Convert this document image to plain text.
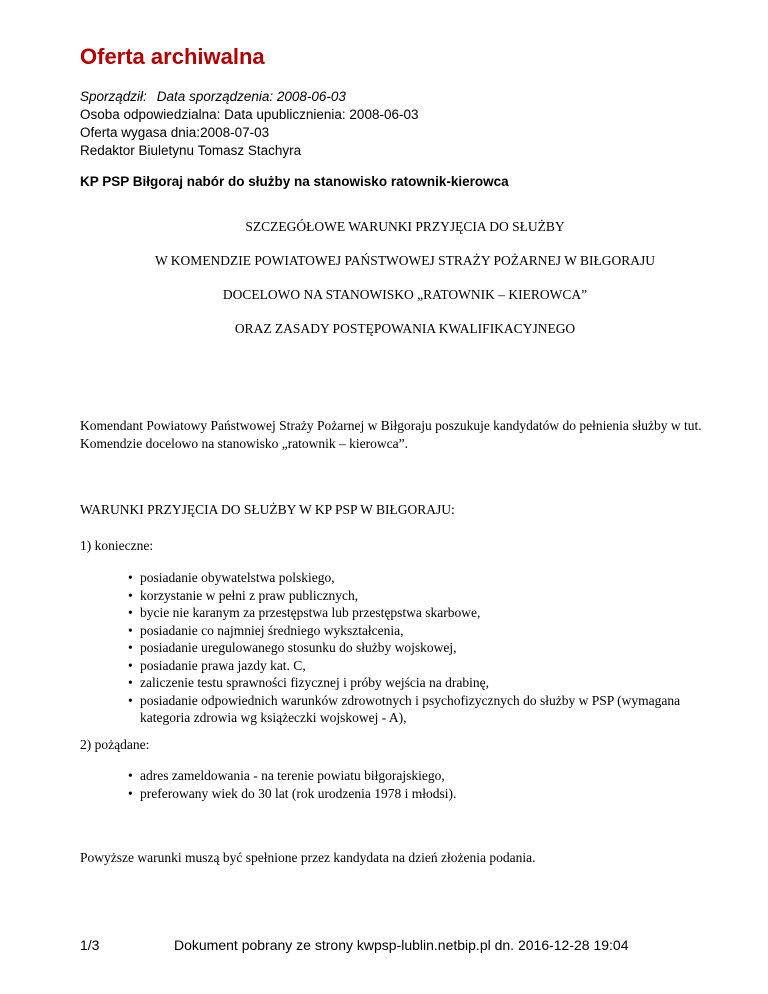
Oferta archiwalna
Sporządził: Data sporządzenia: 2008-06-03
Osoba odpowiedzialna: Data upublicznienia: 2008-06-03
Oferta wygasa dnia:2008-07-03
Redaktor Biuletynu Tomasz Stachyra
KP PSP Biłgoraj nabór do służby na stanowisko ratownik-kierowca
SZCZEGÓŁOWE WARUNKI PRZYJĘCIA DO SŁUŻBY
W KOMENDZIE POWIATOWEJ PAŃSTWOWEJ STRAŻY POŻARNEJ W BIŁGORAJU
DOCELOWO NA STANOWISKO „RATOWNIK – KIEROWCA”
ORAZ ZASADY POSTĘPOWANIA KWALIFIKACYJNEGO
Komendant Powiatowy Państwowej Straży Pożarnej w Biłgoraju poszukuje kandydatów do pełnienia służby w tut. Komendzie docelowo na stanowisko „ratownik – kierowca”.
WARUNKI PRZYJĘCIA DO SŁUŻBY W KP PSP W BIŁGORAJU:
1) konieczne:
• posiadanie obywatelstwa polskiego,
• korzystanie w pełni z praw publicznych,
• bycie nie karanym za przestępstwa lub przestępstwa skarbowe,
• posiadanie co najmniej średniego wykształcenia,
• posiadanie uregulowanego stosunku do służby wojskowej,
• posiadanie prawa jazdy kat. C,
• zaliczenie testu sprawności fizycznej i próby wejścia na drabinę,
• posiadanie odpowiednich warunków zdrowotnych i psychofizycznych do służby w PSP (wymagana kategoria zdrowia wg książeczki wojskowej - A),
2) pożądane:
• adres zameldowania - na terenie powiatu biłgorajskiego,
• preferowany wiek do 30 lat (rok urodzenia 1978 i młodsi).
Powyższe warunki muszą być spełnione przez kandydata na dzień złożenia podania.
1/3	Dokument pobrany ze strony kwpsp-lublin.netbip.pl dn. 2016-12-28 19:04
